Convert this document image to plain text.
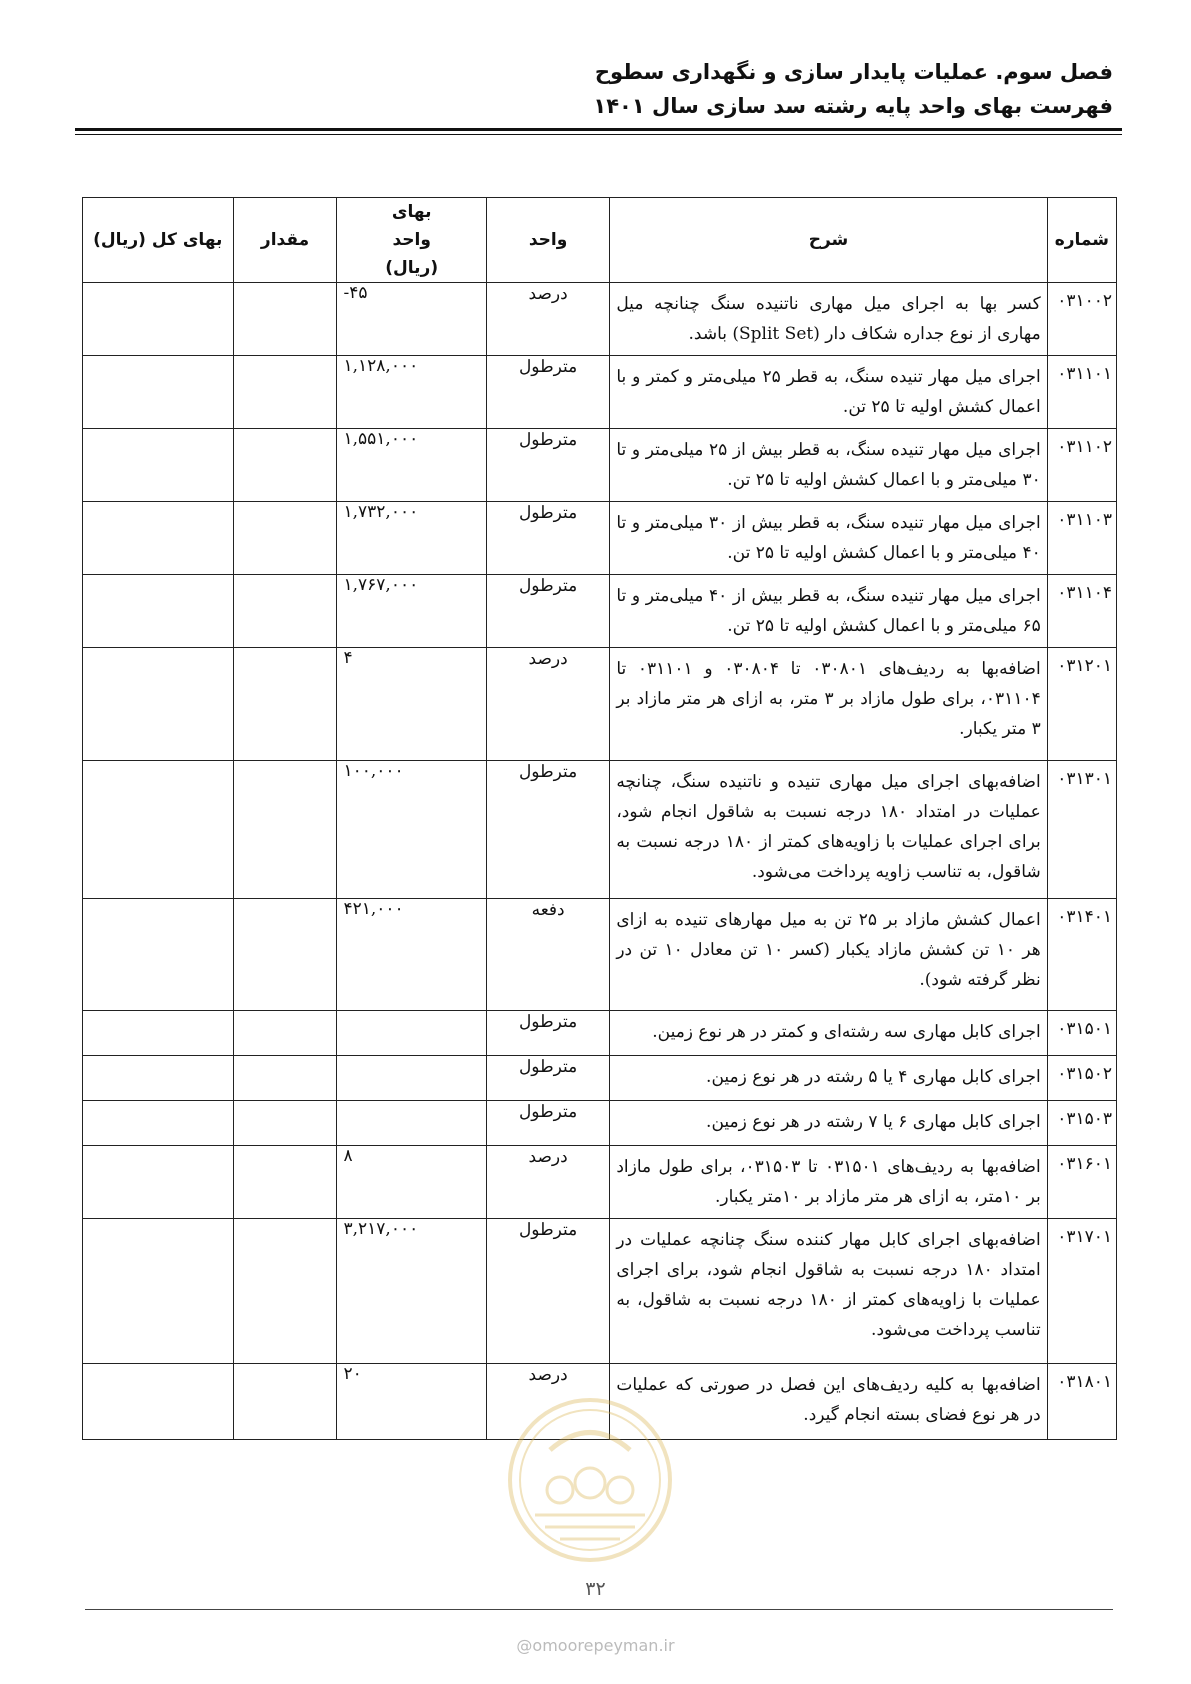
فصل سوم. عملیات پایدار سازی و نگهداری سطوح
فهرست بهای واحد پایه رشته سد سازی سال ۱۴۰۱
شماره	شرح	واحد	بهای واحد (ریال)	مقدار	بهای کل (ریال)
۰۳۱۰۰۲	کسر بها به اجرای میل مهاری ناتنیده سنگ چنانچه میل مهاری از نوع جداره شکاف دار (Split Set) باشد.	درصد	-۴۵		
۰۳۱۱۰۱	اجرای میل مهار تنیده سنگ، به قطر ۲۵ میلی‌متر و کمتر و با اعمال کشش اولیه تا ۲۵ تن.	مترطول	۱,۱۲۸,۰۰۰		
۰۳۱۱۰۲	اجرای میل مهار تنیده سنگ، به قطر بیش از ۲۵ میلی‌متر و تا ۳۰ میلی‌متر و با اعمال کشش اولیه تا ۲۵ تن.	مترطول	۱,۵۵۱,۰۰۰		
۰۳۱۱۰۳	اجرای میل مهار تنیده سنگ، به قطر بیش از ۳۰ میلی‌متر و تا ۴۰ میلی‌متر و با اعمال کشش اولیه تا ۲۵ تن.	مترطول	۱,۷۳۲,۰۰۰		
۰۳۱۱۰۴	اجرای میل مهار تنیده سنگ، به قطر بیش از ۴۰ میلی‌متر و تا ۶۵ میلی‌متر و با اعمال کشش اولیه تا ۲۵ تن.	مترطول	۱,۷۶۷,۰۰۰		
۰۳۱۲۰۱	اضافه‌بها به ردیف‌های ۰۳۰۸۰۱ تا ۰۳۰۸۰۴ و ۰۳۱۱۰۱ تا ۰۳۱۱۰۴، برای طول مازاد بر ۳ متر، به ازای هر متر مازاد بر ۳ متر یکبار.	درصد	۴		
۰۳۱۳۰۱	اضافه‌بهای اجرای میل مهاری تنیده و ناتنیده سنگ، چنانچه عملیات در امتداد ۱۸۰ درجه نسبت به شاقول انجام شود، برای اجرای عملیات با زاویه‌های کمتر از ۱۸۰ درجه نسبت به شاقول، به تناسب زاویه پرداخت می‌شود.	مترطول	۱۰۰,۰۰۰		
۰۳۱۴۰۱	اعمال کشش مازاد بر ۲۵ تن به میل مهارهای تنیده به ازای هر ۱۰ تن کشش مازاد یکبار (کسر ۱۰ تن معادل ۱۰ تن در نظر گرفته شود).	دفعه	۴۲۱,۰۰۰		
۰۳۱۵۰۱	اجرای کابل مهاری سه رشته‌ای و کمتر در هر نوع زمین.	مترطول			
۰۳۱۵۰۲	اجرای کابل مهاری ۴ یا ۵ رشته در هر نوع زمین.	مترطول			
۰۳۱۵۰۳	اجرای کابل مهاری ۶ یا ۷ رشته در هر نوع زمین.	مترطول			
۰۳۱۶۰۱	اضافه‌بها به ردیف‌های ۰۳۱۵۰۱ تا ۰۳۱۵۰۳، برای طول مازاد بر ۱۰متر، به ازای هر متر مازاد بر ۱۰متر یکبار.	درصد	۸		
۰۳۱۷۰۱	اضافه‌بهای اجرای کابل مهار کننده سنگ چنانچه عملیات در امتداد ۱۸۰ درجه نسبت به شاقول انجام شود، برای اجرای عملیات با زاویه‌های کمتر از ۱۸۰ درجه نسبت به شاقول، به تناسب پرداخت می‌شود.	مترطول	۳,۲۱۷,۰۰۰		
۰۳۱۸۰۱	اضافه‌بها به کلیه ردیف‌های این فصل در صورتی که عملیات در هر نوع فضای بسته انجام گیرد.	درصد	۲۰		
۳۲
@omoorepeyman.ir
